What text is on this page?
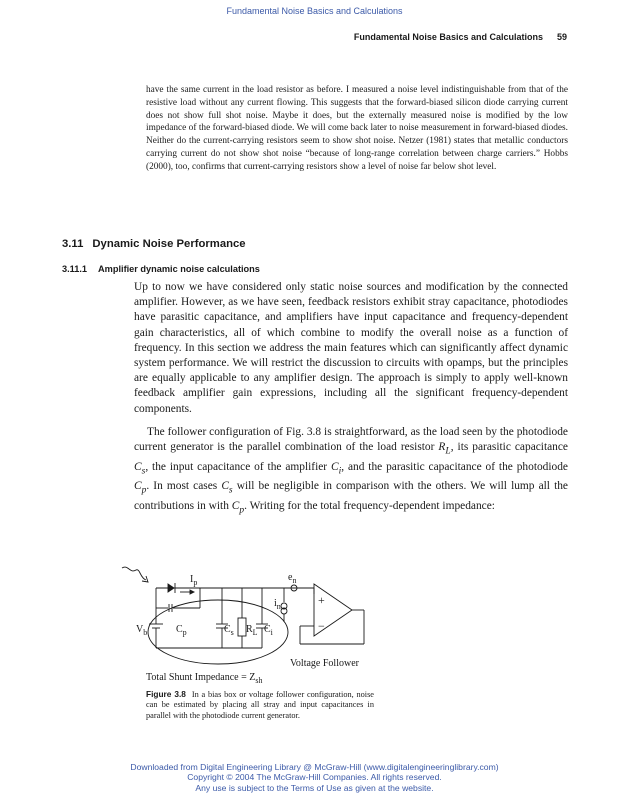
Fundamental Noise Basics and Calculations
Fundamental Noise Basics and Calculations 59

have the same current in the load resistor as before. I measured a noise level indistinguishable from that of the resistive load without any current flowing. This suggests that the forward-biased silicon diode carrying current does not show full shot noise. Maybe it does, but the externally measured noise is modified by the low impedance of the forward-biased diode. We will come back later to noise measurement in forward-biased diodes. Neither do the current-carrying resistors seem to show shot noise. Netzer (1981) states that metallic conductors carrying current do not show shot noise “because of long-range correlation between charge carriers.” Hobbs (2000), too, confirms that current-carrying resistors show a level of noise far below shot level.

3.11 Dynamic Noise Performance
3.11.1 Amplifier dynamic noise calculations

Up to now we have considered only static noise sources and modification by the connected amplifier. However, as we have seen, feedback resistors exhibit stray capacitance, photodiodes have parasitic capacitance, and amplifiers have input capacitance and frequency-dependent gain characteristics, all of which combine to modify the overall noise as a function of frequency. In this section we address the main features which can significantly affect dynamic system performance. We will restrict the discussion to circuits with opamps, but the principles are equally applicable to any amplifier design. The approach is simply to apply well-known feedback amplifier gain expressions, including all the significant frequency-dependent components.

The follower configuration of Fig. 3.8 is straightforward, as the load seen by the photodiode current generator is the parallel combination of the load resistor $R_L$, its parasitic capacitance $C_s$, the input capacitance of the amplifier $C_i$, and the parasitic capacitance of the photodiode $C_p$. In most cases $C_s$ will be negligible in comparison with the others. We will lump all the contributions in with $C_p$. Writing for the total frequency-dependent impedance:

$I_p$	$e_n$
$i_n$
$V_b$	$C_p$	$C_s$ $R_L$ $C_i$
+
−
Voltage Follower
Total Shunt Impedance = $Z_{sh}$

Figure 3.8 In a bias box or voltage follower configuration, noise can be estimated by placing all stray and input capacitances in parallel with the photodiode current generator.

Downloaded from Digital Engineering Library @ McGraw-Hill (www.digitalengineeringlibrary.com)
Copyright © 2004 The McGraw-Hill Companies. All rights reserved.
Any use is subject to the Terms of Use as given at the website.
